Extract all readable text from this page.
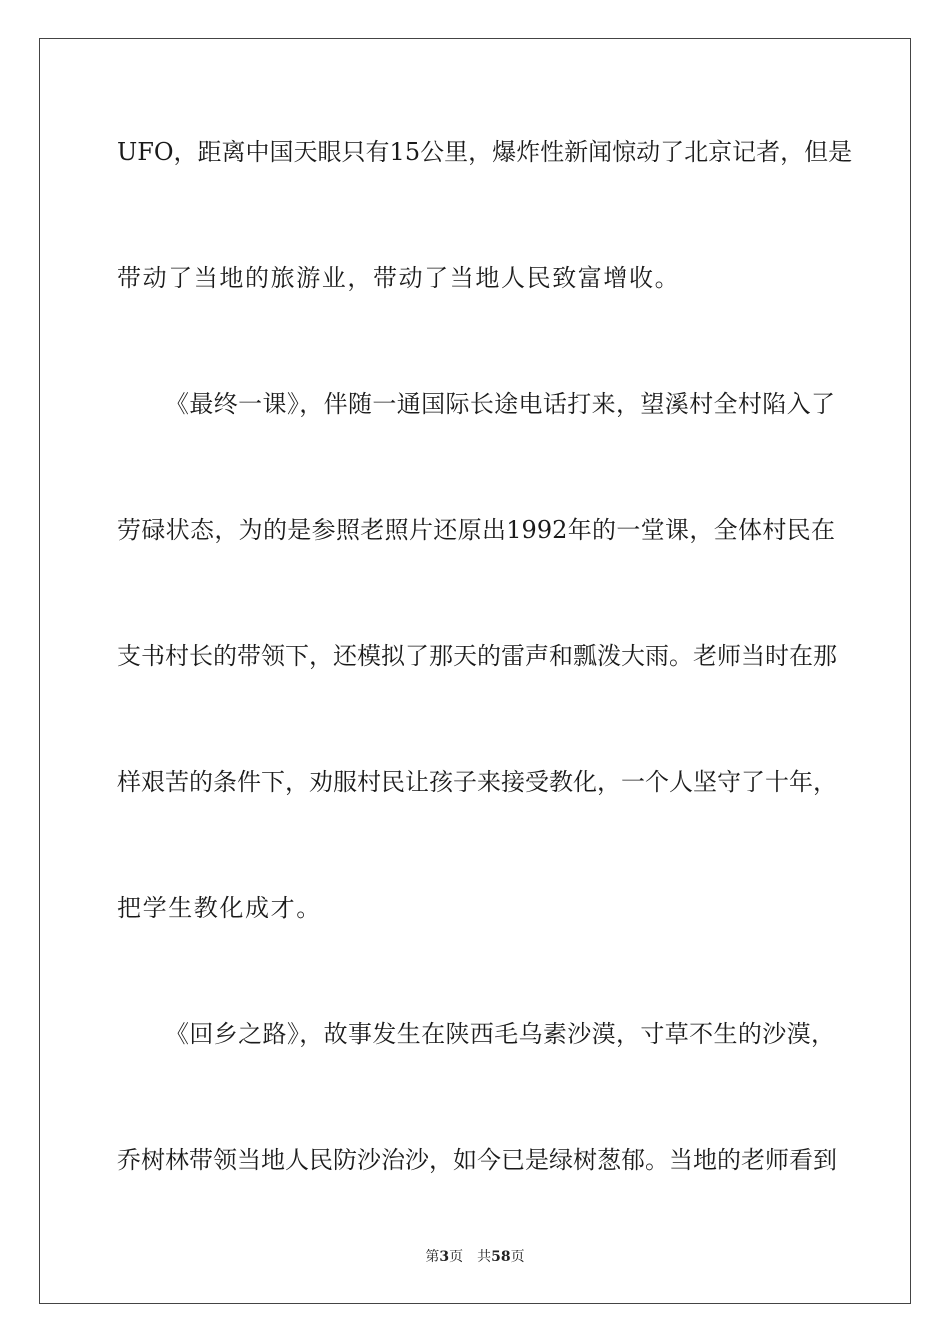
UFO，距离中国天眼只有15公里，爆炸性新闻惊动了北京记者，但是
带动了当地的旅游业，带动了当地人民致富增收。
《最终一课》，伴随一通国际长途电话打来，望溪村全村陷入了
劳碌状态，为的是参照老照片还原出1992年的一堂课，全体村民在
支书村长的带领下，还模拟了那天的雷声和瓢泼大雨。老师当时在那
样艰苦的条件下，劝服村民让孩子来接受教化，一个人坚守了十年，
把学生教化成才。
《回乡之路》，故事发生在陕西毛乌素沙漠，寸草不生的沙漠，
乔树林带领当地人民防沙治沙，如今已是绿树葱郁。当地的老师看到
第3页 共58页
